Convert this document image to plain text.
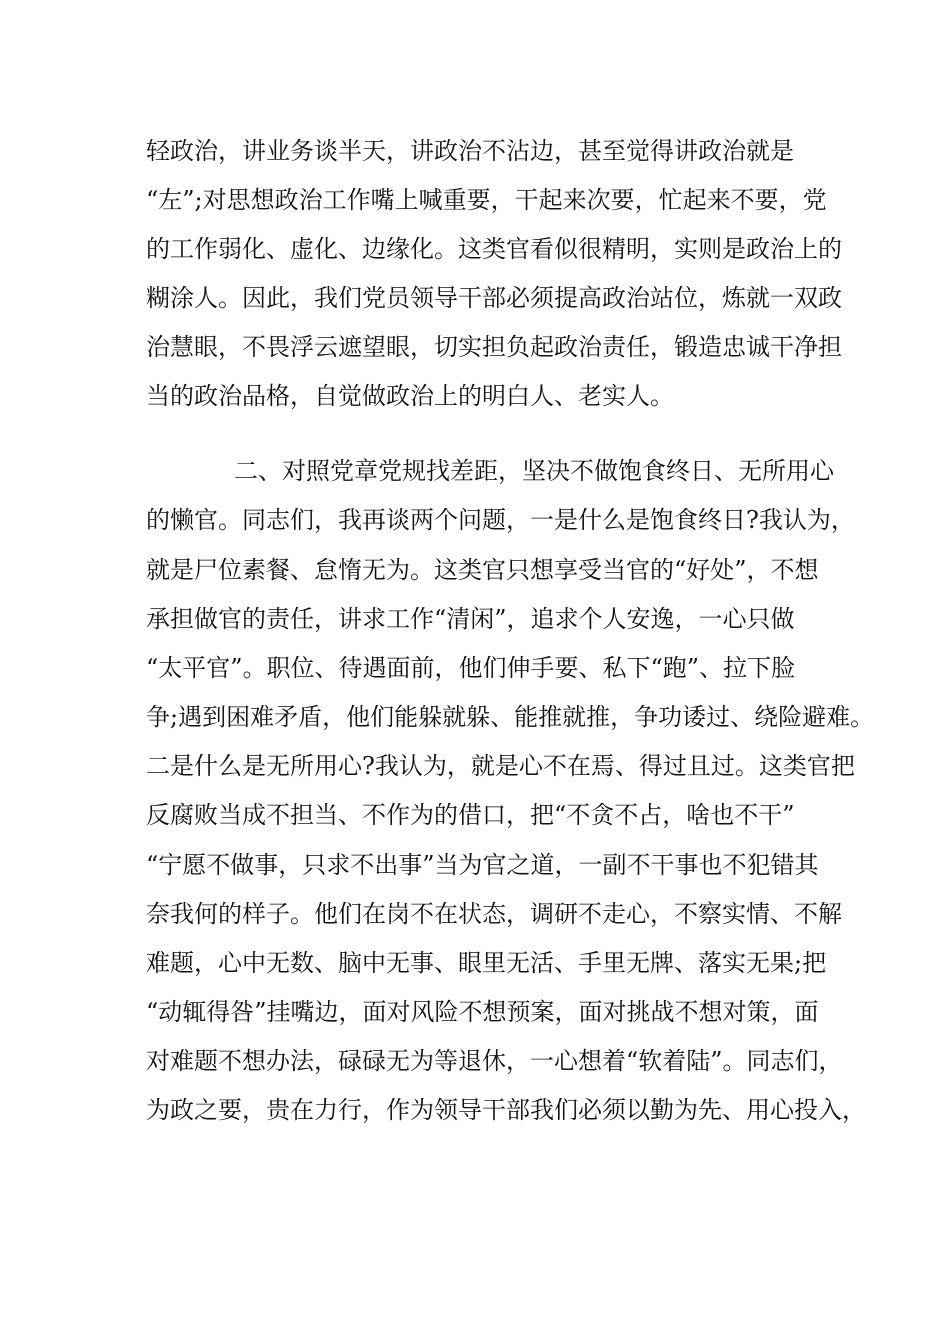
轻政治，讲业务谈半天，讲政治不沾边，甚至觉得讲政治就是
“左”;对思想政治工作嘴上喊重要，干起来次要，忙起来不要，党
的工作弱化、虚化、边缘化。这类官看似很精明，实则是政治上的
糊涂人。因此，我们党员领导干部必须提高政治站位，炼就一双政
治慧眼，不畏浮云遮望眼，切实担负起政治责任，锻造忠诚干净担
当的政治品格，自觉做政治上的明白人、老实人。
二、对照党章党规找差距，坚决不做饱食终日、无所用心
的懒官。同志们，我再谈两个问题，一是什么是饱食终日?我认为，
就是尸位素餐、怠惰无为。这类官只想享受当官的“好处”，不想
承担做官的责任，讲求工作“清闲”，追求个人安逸，一心只做
“太平官”。职位、待遇面前，他们伸手要、私下“跑”、拉下脸
争;遇到困难矛盾，他们能躲就躲、能推就推，争功诿过、绕险避难。
二是什么是无所用心?我认为，就是心不在焉、得过且过。这类官把
反腐败当成不担当、不作为的借口，把“不贪不占，啥也不干”
“宁愿不做事，只求不出事”当为官之道，一副不干事也不犯错其
奈我何的样子。他们在岗不在状态，调研不走心，不察实情、不解
难题，心中无数、脑中无事、眼里无活、手里无牌、落实无果;把
“动辄得咎”挂嘴边，面对风险不想预案，面对挑战不想对策，面
对难题不想办法，碌碌无为等退休，一心想着“软着陆”。同志们，
为政之要，贵在力行，作为领导干部我们必须以勤为先、用心投入，
